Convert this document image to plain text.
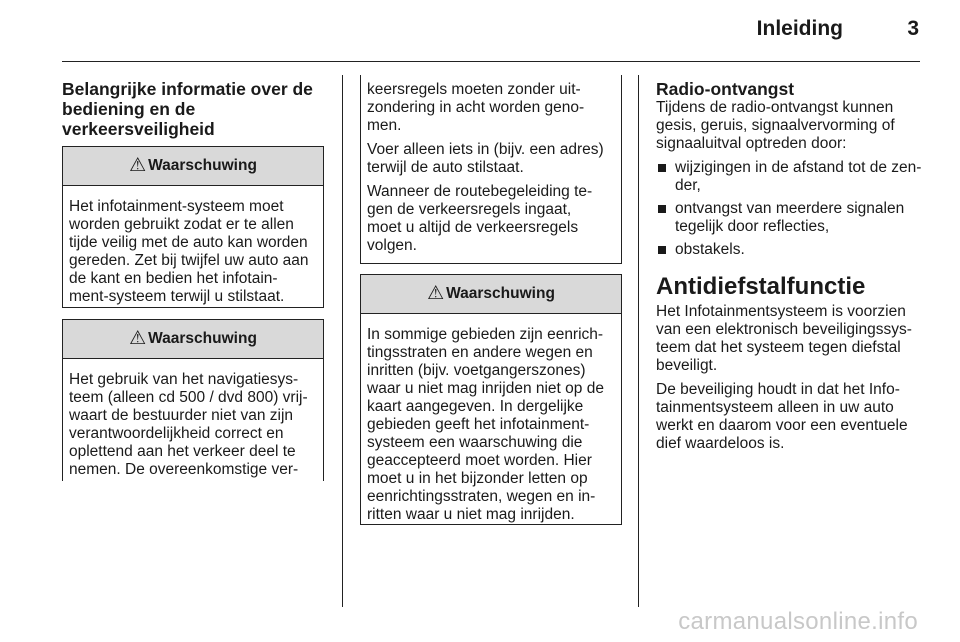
Inleiding	3
Belangrijke informatie over de
bediening en de
verkeersveiligheid
⚠ Waarschuwing
Het infotainment-systeem moet
worden gebruikt zodat er te allen
tijde veilig met de auto kan worden
gereden. Zet bij twijfel uw auto aan
de kant en bedien het infotain-
ment-systeem terwijl u stilstaat.
⚠ Waarschuwing
Het gebruik van het navigatiesys-
teem (alleen cd 500 / dvd 800) vrij-
waart de bestuurder niet van zijn
verantwoordelijkheid correct en
oplettend aan het verkeer deel te
nemen. De overeenkomstige ver-

keersregels moeten zonder uit-
zondering in acht worden geno-
men.

Voer alleen iets in (bijv. een adres)
terwijl de auto stilstaat.

Wanneer de routebegeleiding te-
gen de verkeersregels ingaat,
moet u altijd de verkeersregels
volgen.

⚠ Waarschuwing
In sommige gebieden zijn eenrich-
tingsstraten en andere wegen en
inritten (bijv. voetgangerszones)
waar u niet mag inrijden niet op de
kaart aangegeven. In dergelijke
gebieden geeft het infotainment-
systeem een waarschuwing die
geaccepteerd moet worden. Hier
moet u in het bijzonder letten op
eenrichtingsstraten, wegen en in-
ritten waar u niet mag inrijden.
Radio-ontvangst

Tijdens de radio-ontvangst kunnen
gesis, geruis, signaalvervorming of
signaaluitval optreden door:

wijzigingen in de afstand tot de zen-
der,
ontvangst van meerdere signalen
tegelijk door reflecties,
obstakels.
Antidiefstalfunctie

Het Infotainmentsysteem is voorzien
van een elektronisch beveiligingssys-
teem dat het systeem tegen diefstal
beveiligt.

De beveiliging houdt in dat het Info-
tainmentsysteem alleen in uw auto
werkt en daarom voor een eventuele
dief waardeloos is.

carmanualsonline.info
